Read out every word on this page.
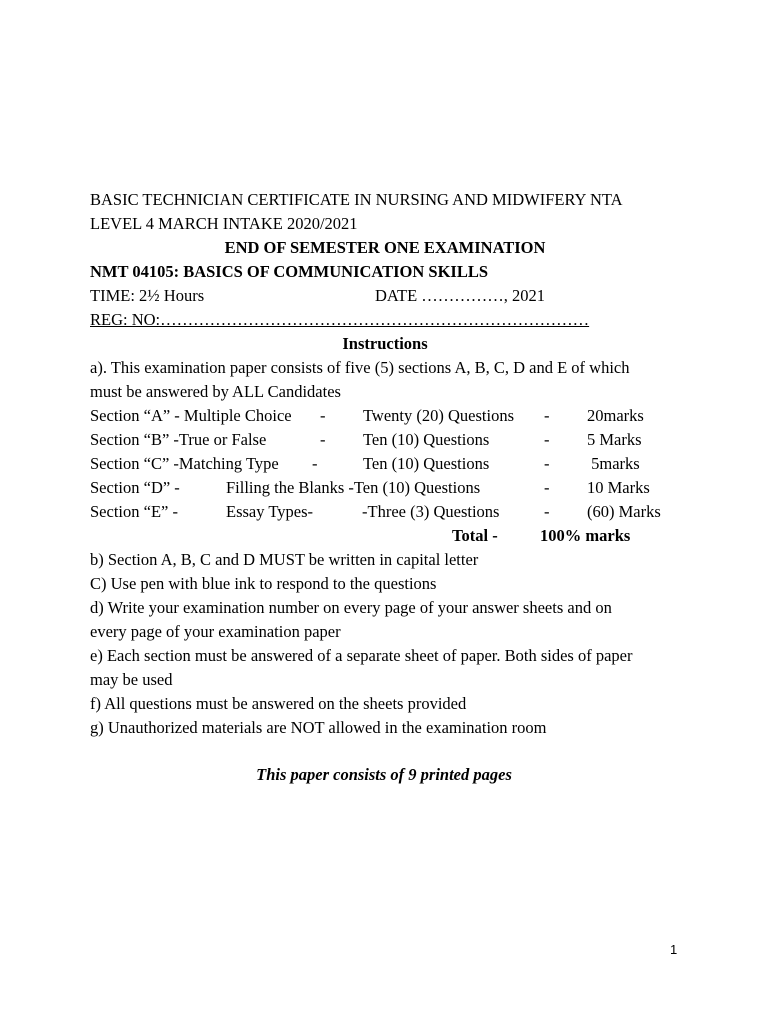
BASIC TECHNICIAN CERTIFICATE IN NURSING AND MIDWIFERY NTA
LEVEL 4 MARCH INTAKE 2020/2021
END OF SEMESTER ONE EXAMINATION
NMT 04105: BASICS OF COMMUNICATION SKILLS
TIME: 2½ Hours	DATE ……………, 2021
REG: NO:……………………………………………………………………
Instructions
a). This examination paper consists of five (5) sections A, B, C, D and E of which
must be answered by ALL Candidates
Section “A” - Multiple Choice - Twenty (20) Questions - 20marks
Section “B” -True or False	- Ten (10) Questions	- 5 Marks
Section “C” -Matching Type -	Ten (10) Questions	- 5marks
Section “D” -	Filling the Blanks -Ten (10) Questions	- 10 Marks
Section “E” -	Essay Types-	-Three (3) Questions	- (60) Marks
Total -	100% marks
b) Section A, B, C and D MUST be written in capital letter
C) Use pen with blue ink to respond to the questions
d) Write your examination number on every page of your answer sheets and on
every page of your examination paper
e) Each section must be answered of a separate sheet of paper. Both sides of paper
may be used
f) All questions must be answered on the sheets provided
g) Unauthorized materials are NOT allowed in the examination room
This paper consists of 9 printed pages
1
